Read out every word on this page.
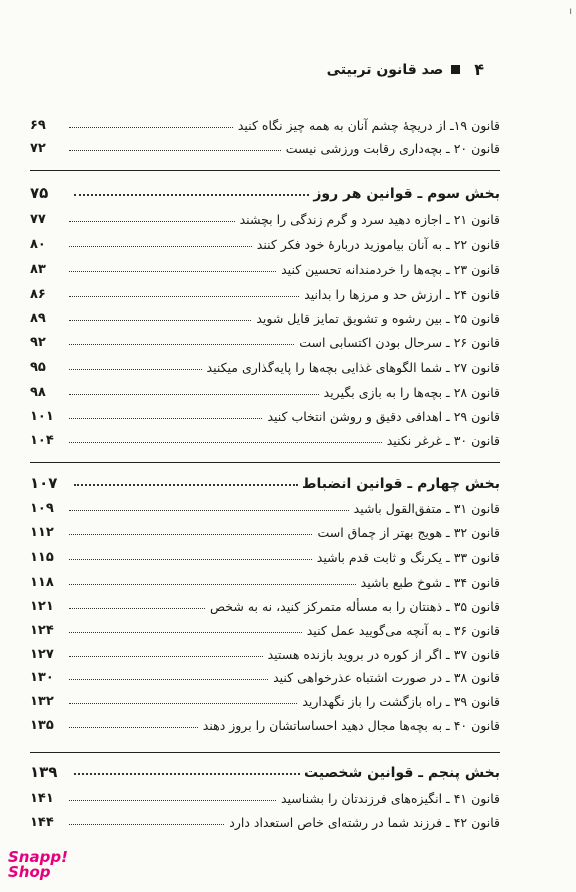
ı
۴
صد قانون تربیتی
قانون ۱۹ـ از دریچهٔ چشم آنان به همه چیز نگاه کنید
۶۹
قانون ۲۰ ـ بچه‌داری رقابت ورزشی نیست
۷۲
بخش سوم ـ قوانین هر روز
۷۵
قانون ۲۱ ـ اجازه دهید سرد و گرم زندگی را بچشند
۷۷
قانون ۲۲ ـ به آنان بیاموزید دربارهٔ خود فکر کنند
۸۰
قانون ۲۳ ـ بچه‌ها را خردمندانه تحسین کنید
۸۳
قانون ۲۴ ـ ارزش حد و مرزها را بدانید
۸۶
قانون ۲۵ ـ بین رشوه و تشویق تمایز قایل شوید
۸۹
قانون ۲۶ ـ سرحال بودن اکتسابی است
۹۲
قانون ۲۷ ـ شما الگوهای غذایی بچه‌ها را پایه‌گذاری میکنید
۹۵
قانون ۲۸ ـ بچه‌ها را به بازی بگیرید
۹۸
قانون ۲۹ ـ اهدافی دقیق و روشن انتخاب کنید
۱۰۱
قانون ۳۰ ـ غرغر نکنید
۱۰۴
بخش چهارم ـ قوانین انضباط
۱۰۷
قانون ۳۱ ـ متفق‌القول باشید
۱۰۹
قانون ۳۲ ـ هویج بهتر از چماق است
۱۱۲
قانون ۳۳ ـ یکرنگ و ثابت قدم باشید
۱۱۵
قانون ۳۴ ـ شوخ طبع باشید
۱۱۸
قانون ۳۵ ـ ذهنتان را به مسأله متمرکز کنید، نه به شخص
۱۲۱
قانون ۳۶ ـ به آنچه می‌گویید عمل کنید
۱۲۴
قانون ۳۷ ـ اگر از کوره در بروید بازنده هستید
۱۲۷
قانون ۳۸ ـ در صورت اشتباه عذرخواهی کنید
۱۳۰
قانون ۳۹ ـ راه بازگشت را باز نگهدارید
۱۳۲
قانون ۴۰ ـ به بچه‌ها مجال دهید احساساتشان را بروز دهند
۱۳۵
بخش پنجم ـ قوانین شخصیت
۱۳۹
قانون ۴۱ ـ انگیزه‌های فرزندتان را بشناسید
۱۴۱
قانون ۴۲ ـ فرزند شما در رشته‌ای خاص استعداد دارد
۱۴۴
Snapp!
Shop
